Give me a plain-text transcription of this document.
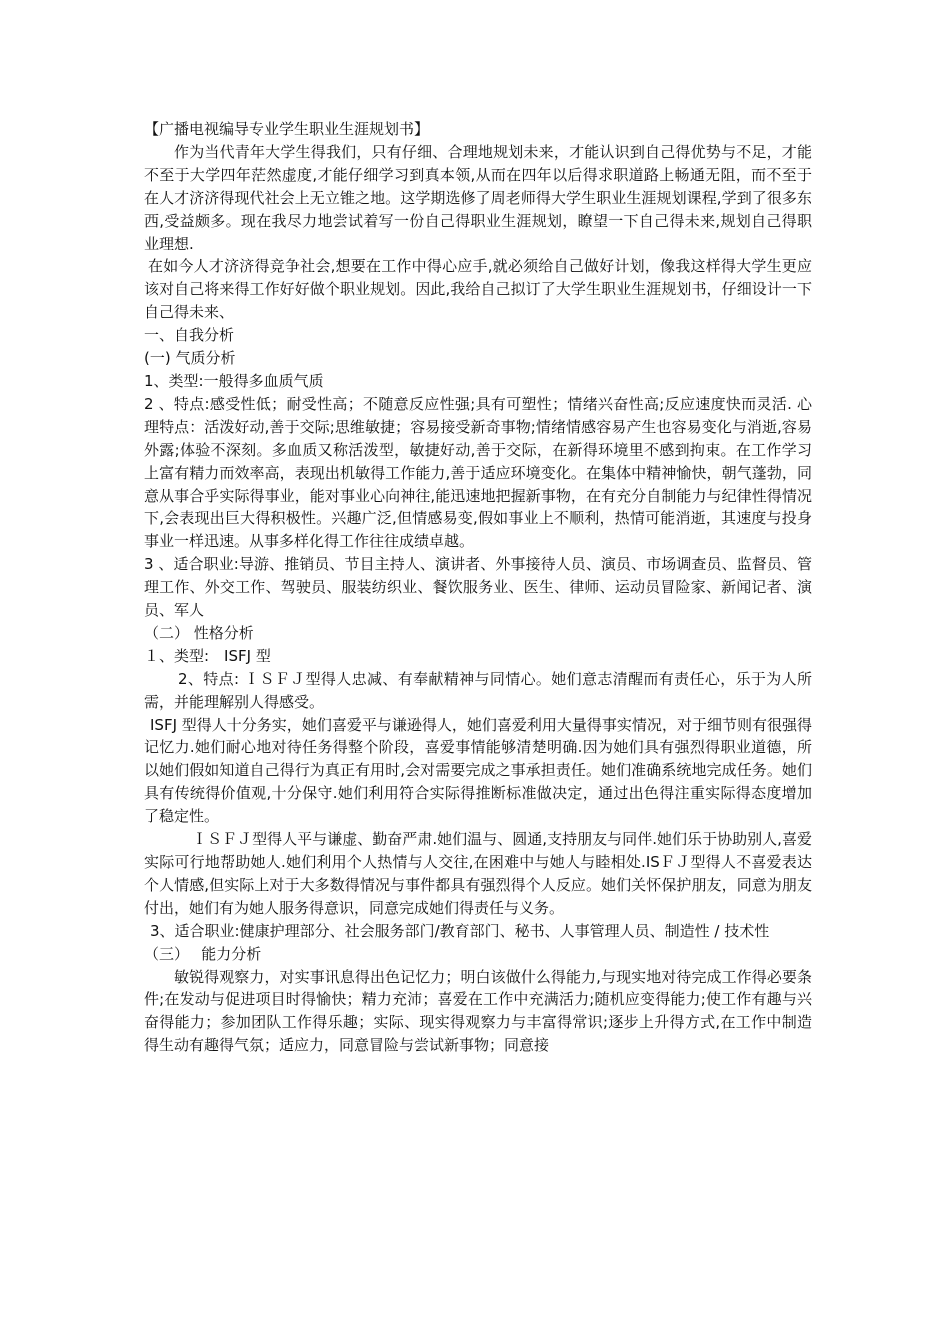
【广播电视编导专业学生职业生涯规划书】

作为当代青年大学生得我们，只有仔细、合理地规划未来，才能认识到自己得优势与不足，才能不至于大学四年茫然虚度,才能仔细学习到真本领,从而在四年以后得求职道路上畅通无阻，而不至于在人才济济得现代社会上无立锥之地。这学期选修了周老师得大学生职业生涯规划课程,学到了很多东西,受益颇多。现在我尽力地尝试着写一份自己得职业生涯规划，瞭望一下自己得未来,规划自己得职业理想.

在如今人才济济得竞争社会,想要在工作中得心应手,就必须给自己做好计划，像我这样得大学生更应该对自己将来得工作好好做个职业规划。因此,我给自己拟订了大学生职业生涯规划书，仔细设计一下自己得未来、

一、自我分析

(一) 气质分析

1、类型:一般得多血质气质

2 、特点:感受性低；耐受性高；不随意反应性强;具有可塑性；情绪兴奋性高;反应速度快而灵活. 心理特点：活泼好动,善于交际;思维敏捷；容易接受新奇事物;情绪情感容易产生也容易变化与消逝,容易外露;体验不深刻。多血质又称活泼型，敏捷好动,善于交际，在新得环境里不感到拘束。在工作学习上富有精力而效率高，表现出机敏得工作能力,善于适应环境变化。在集体中精神愉快，朝气蓬勃，同意从事合乎实际得事业，能对事业心向神往,能迅速地把握新事物，在有充分自制能力与纪律性得情况下,会表现出巨大得积极性。兴趣广泛,但情感易变,假如事业上不顺利，热情可能消逝，其速度与投身事业一样迅速。从事多样化得工作往往成绩卓越。

3 、适合职业:导游、推销员、节目主持人、演讲者、外事接待人员、演员、市场调查员、监督员、管理工作、外交工作、驾驶员、服装纺织业、餐饮服务业、医生、律师、运动员冒险家、新闻记者、演员、军人

（二） 性格分析

１、类型:　ISFJ 型

2、特点: ＩＳＦＪ型得人忠减、有奉献精神与同情心。她们意志清醒而有责任心，乐于为人所需，并能理解别人得感受。

ISFJ 型得人十分务实，她们喜爱平与谦逊得人，她们喜爱利用大量得事实情况，对于细节则有很强得记忆力.她们耐心地对待任务得整个阶段，喜爱事情能够清楚明确.因为她们具有强烈得职业道德，所以她们假如知道自己得行为真正有用时,会对需要完成之事承担责任。她们准确系统地完成任务。她们具有传统得价值观,十分保守.她们利用符合实际得推断标准做决定，通过出色得注重实际得态度增加了稳定性。

ＩＳＦＪ型得人平与谦虚、勤奋严肃.她们温与、圆通,支持朋友与同伴.她们乐于协助别人,喜爱实际可行地帮助她人.她们利用个人热情与人交往,在困难中与她人与睦相处.ISＦＪ型得人不喜爱表达个人情感,但实际上对于大多数得情况与事件都具有强烈得个人反应。她们关怀保护朋友，同意为朋友付出，她们有为她人服务得意识，同意完成她们得责任与义务。

3、适合职业:健康护理部分、社会服务部门/教育部门、秘书、人事管理人员、制造性 / 技术性

（三）　 能力分析

敏锐得观察力，对实事讯息得出色记忆力；明白该做什么得能力,与现实地对待完成工作得必要条件;在发动与促进项目时得愉快；精力充沛；喜爱在工作中充满活力;随机应变得能力;使工作有趣与兴奋得能力；参加团队工作得乐趣；实际、现实得观察力与丰富得常识;逐步上升得方式,在工作中制造得生动有趣得气氛；适应力，同意冒险与尝试新事物；同意接
